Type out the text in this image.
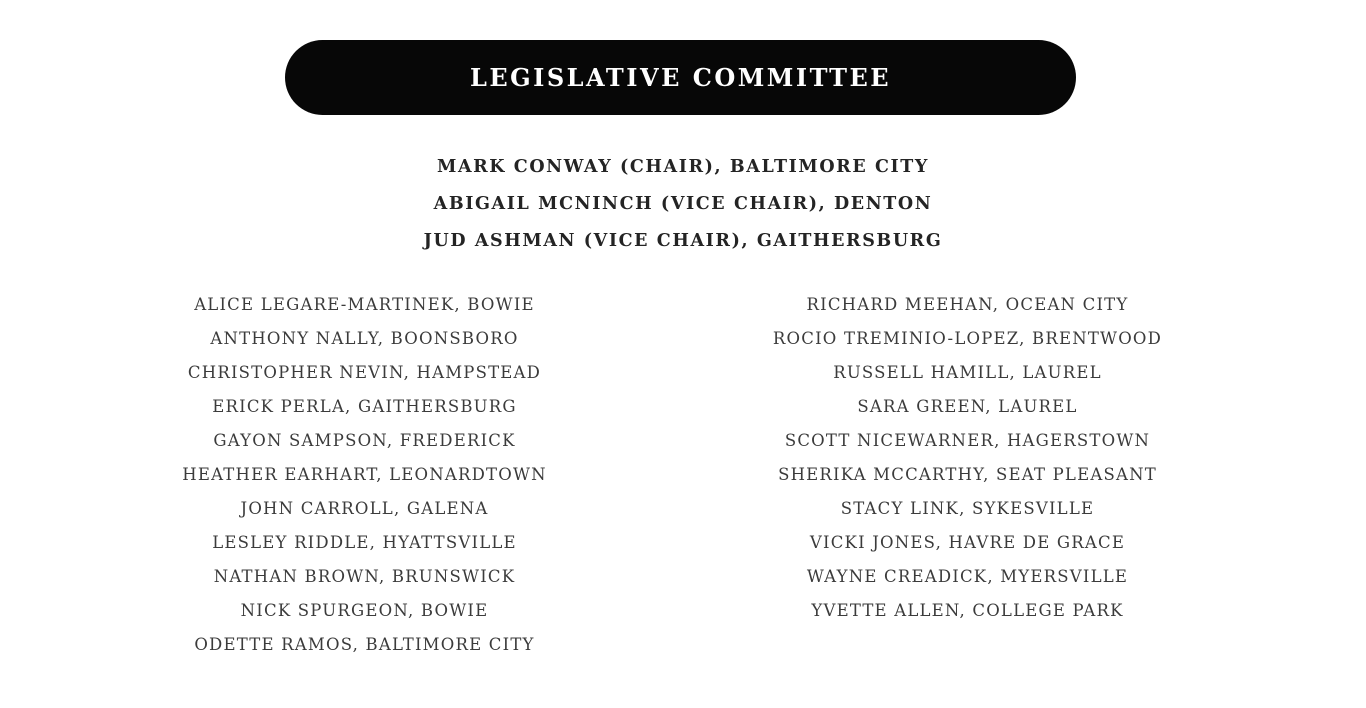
LEGISLATIVE COMMITTEE
MARK CONWAY (CHAIR), BALTIMORE CITY
ABIGAIL MCNINCH (VICE CHAIR), DENTON
JUD ASHMAN (VICE CHAIR), GAITHERSBURG
ALICE LEGARE-MARTINEK, BOWIE
ANTHONY NALLY, BOONSBORO
CHRISTOPHER NEVIN, HAMPSTEAD
ERICK PERLA, GAITHERSBURG
GAYON SAMPSON, FREDERICK
HEATHER EARHART, LEONARDTOWN
JOHN CARROLL, GALENA
LESLEY RIDDLE, HYATTSVILLE
NATHAN BROWN, BRUNSWICK
NICK SPURGEON, BOWIE
ODETTE RAMOS, BALTIMORE CITY
RICHARD MEEHAN, OCEAN CITY
ROCIO TREMINIO-LOPEZ, BRENTWOOD
RUSSELL HAMILL, LAUREL
SARA GREEN, LAUREL
SCOTT NICEWARNER, HAGERSTOWN
SHERIKA MCCARTHY, SEAT PLEASANT
STACY LINK, SYKESVILLE
VICKI JONES, HAVRE DE GRACE
WAYNE CREADICK, MYERSVILLE
YVETTE ALLEN, COLLEGE PARK
